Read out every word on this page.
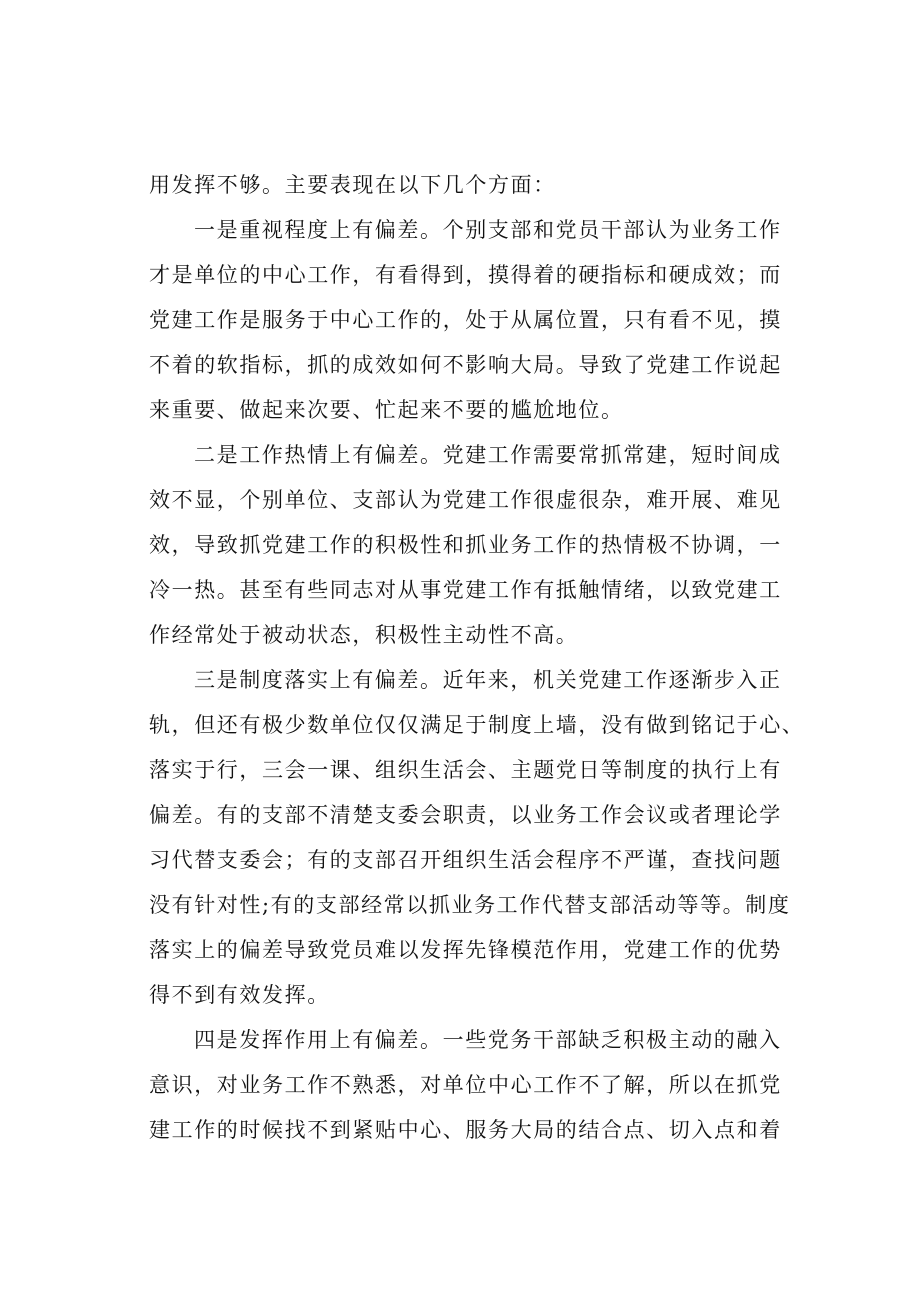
用发挥不够。主要表现在以下几个方面：

一是重视程度上有偏差。个别支部和党员干部认为业务工作
才是单位的中心工作，有看得到，摸得着的硬指标和硬成效；而
党建工作是服务于中心工作的，处于从属位置，只有看不见，摸
不着的软指标，抓的成效如何不影响大局。导致了党建工作说起
来重要、做起来次要、忙起来不要的尴尬地位。

二是工作热情上有偏差。党建工作需要常抓常建，短时间成
效不显，个别单位、支部认为党建工作很虚很杂，难开展、难见
效，导致抓党建工作的积极性和抓业务工作的热情极不协调，一
冷一热。甚至有些同志对从事党建工作有抵触情绪，以致党建工
作经常处于被动状态，积极性主动性不高。

三是制度落实上有偏差。近年来，机关党建工作逐渐步入正
轨，但还有极少数单位仅仅满足于制度上墙，没有做到铭记于心、
落实于行，三会一课、组织生活会、主题党日等制度的执行上有
偏差。有的支部不清楚支委会职责，以业务工作会议或者理论学
习代替支委会；有的支部召开组织生活会程序不严谨，查找问题
没有针对性;有的支部经常以抓业务工作代替支部活动等等。制度
落实上的偏差导致党员难以发挥先锋模范作用，党建工作的优势
得不到有效发挥。

四是发挥作用上有偏差。一些党务干部缺乏积极主动的融入
意识，对业务工作不熟悉，对单位中心工作不了解，所以在抓党
建工作的时候找不到紧贴中心、服务大局的结合点、切入点和着
